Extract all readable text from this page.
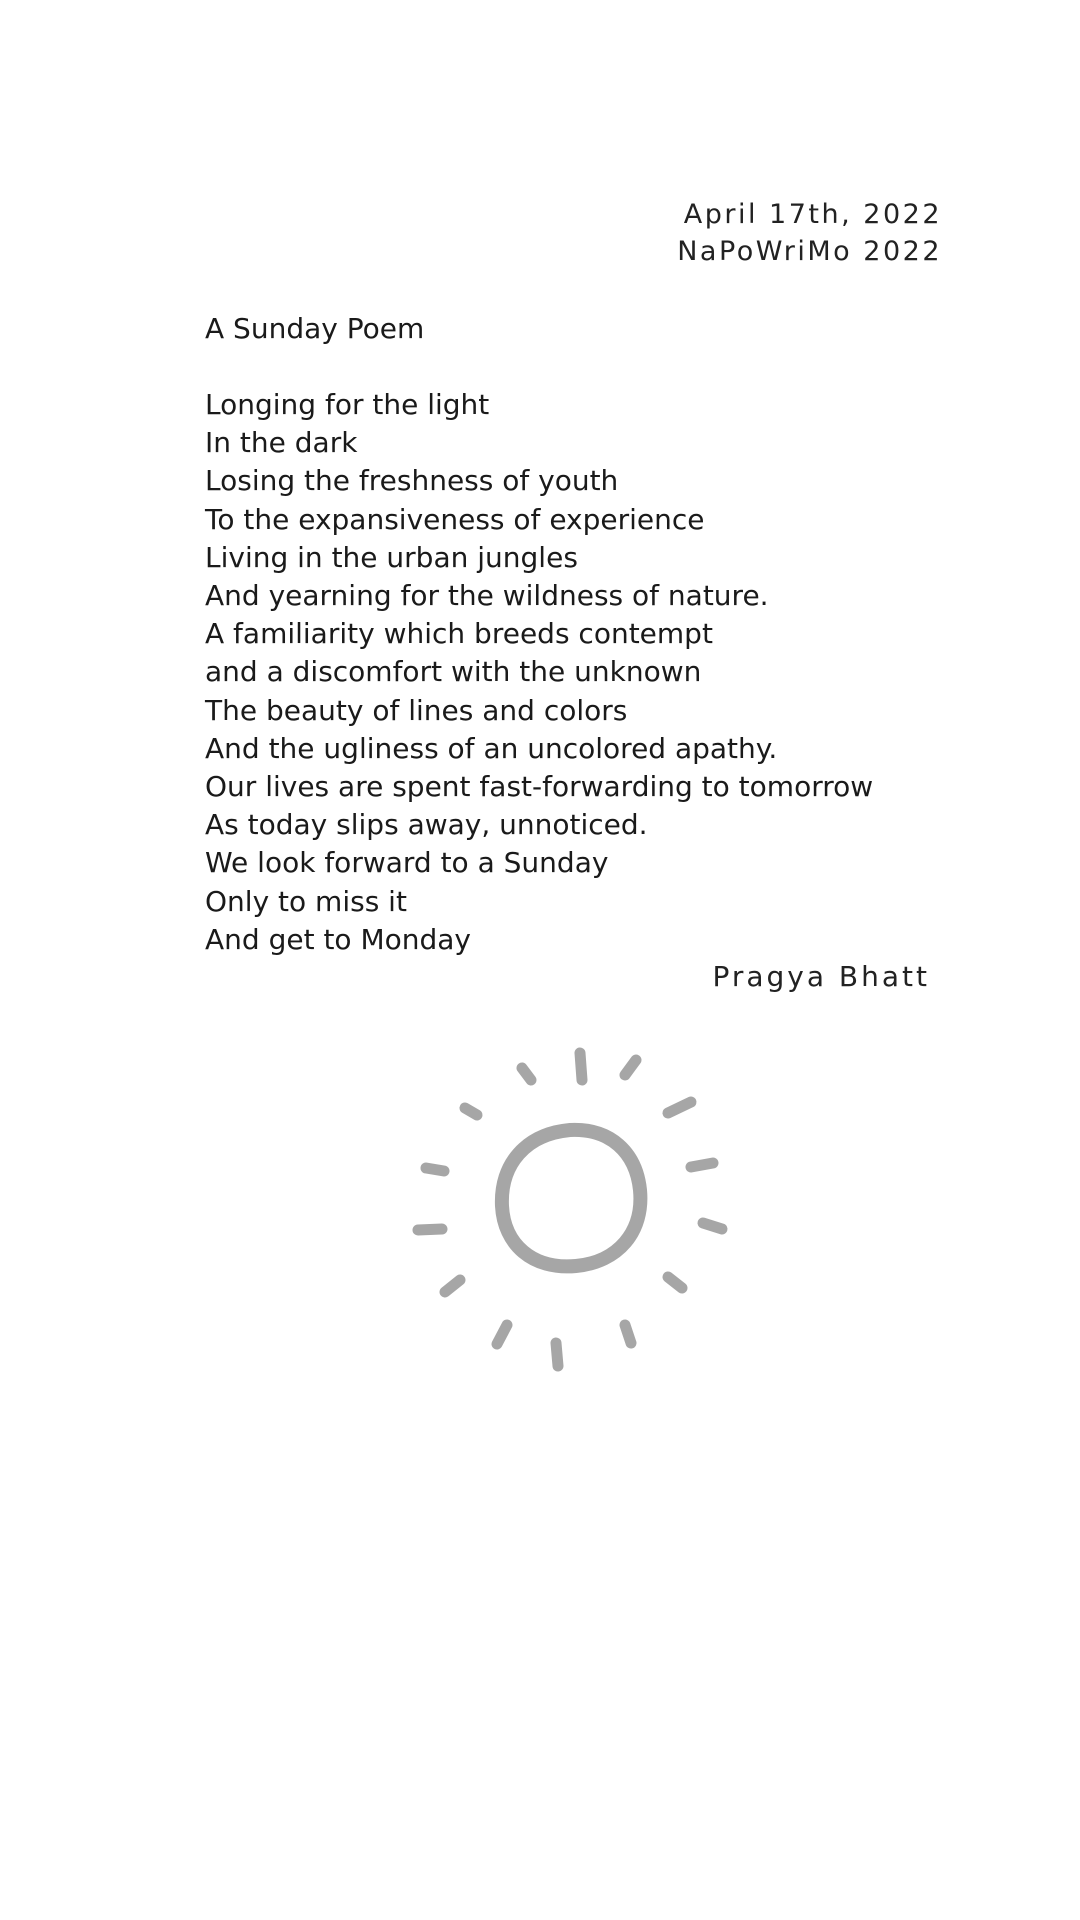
April 17th, 2022
NaPoWriMo 2022
A Sunday Poem
Longing for the light
In the dark
Losing the freshness of youth
To the expansiveness of experience
Living in the urban jungles
And yearning for the wildness of nature.
A familiarity which breeds contempt
and a discomfort with the unknown
The beauty of lines and colors
And the ugliness of an uncolored apathy.
Our lives are spent fast-forwarding to tomorrow
As today slips away, unnoticed.
We look forward to a Sunday
Only to miss it
And get to Monday
Pragya Bhatt
